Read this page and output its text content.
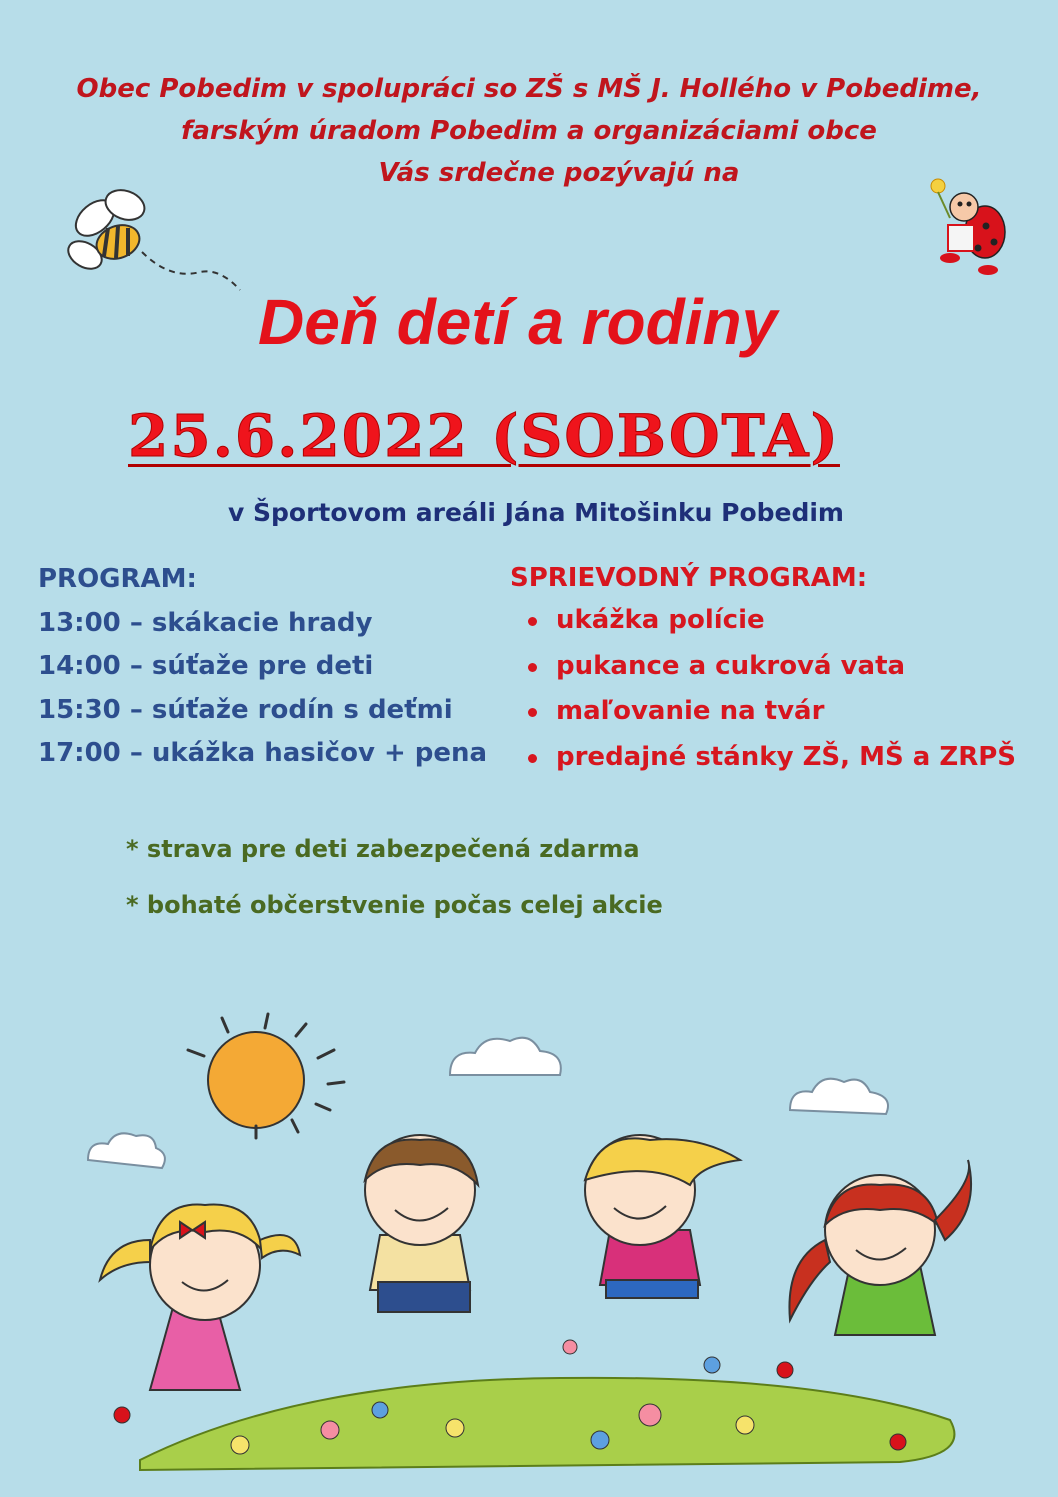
Obec Pobedim v spolupráci so ZŠ s MŠ J. Hollého v Pobedime,
farským úradom Pobedim a organizáciami obce
Vás srdečne pozývajú na
Deň detí a rodiny
25.6.2022 (SOBOTA)
v Športovom areáli Jána Mitošinku Pobedim
PROGRAM:
13:00 – skákacie hrady
14:00 – súťaže pre deti
15:30 – súťaže rodín s deťmi
17:00 – ukážka hasičov + pena
SPRIEVODNÝ PROGRAM:
ukážka polície
pukance a cukrová vata
maľovanie na tvár
predajné stánky ZŠ, MŠ a ZRPŠ
* strava pre deti zabezpečená zdarma
* bohaté občerstvenie počas celej akcie
